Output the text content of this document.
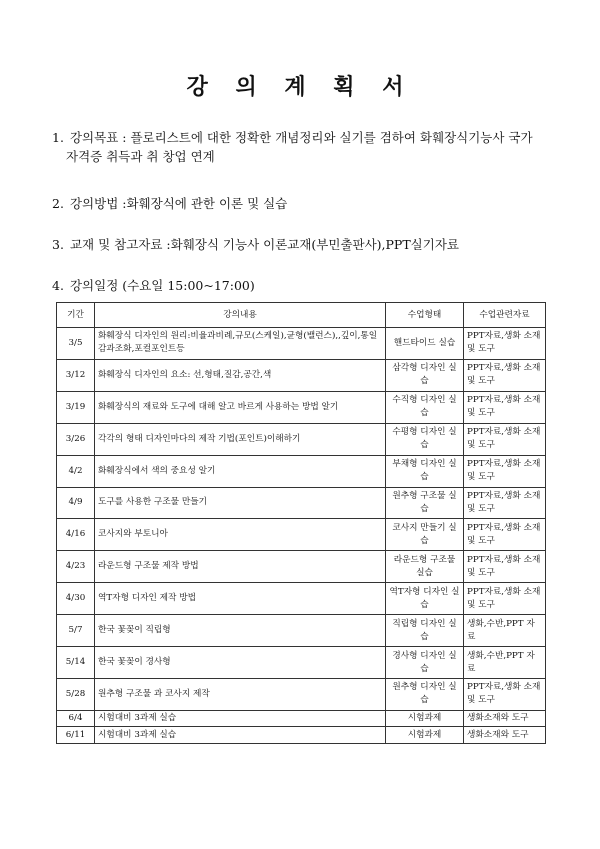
강 의 계 획 서
1. 강의목표 : 플로리스트에 대한 정확한 개념정리와 실기를 겸하여 화훼장식기능사 국가
자격증 취득과 취 창업 연계
2. 강의방법 :화훼장식에 관한 이론 및 실습
3. 교재 및 참고자료 :화훼장식 기능사 이론교재(부민출판사),PPT실기자료
4. 강의일정 (수요일 15:00~17:00)
기간	강의내용	수업형태	수업관련자료
3/5	화훼장식 디자인의 원리:비율과비례,규모(스케일),균형(밸런스),,깊이,통일감과조화,포컬포인트등	핸드타이드 실습	PPT자료,생화 소재 및 도구
3/12	화훼장식 디자인의 요소: 선,형태,질감,공간,색	삼각형 디자인 실습	PPT자료,생화 소재 및 도구
3/19	화훼장식의 재료와 도구에 대해 알고 바르게 사용하는 방법 알기	수직형 디자인 실습	PPT자료,생화 소재 및 도구
3/26	각각의 형태 디자인마다의 제작 기법(포인트)이해하기	수평형 디자인 실습	PPT자료,생화 소재 및 도구
4/2	화훼장식에서 색의 중요성 알기	부채형 디자인 실습	PPT자료,생화 소재 및 도구
4/9	도구를 사용한 구조물 만들기	원추형 구조물 실습	PPT자료,생화 소재 및 도구
4/16	코사지와 부토니아	코사지 만들기 실습	PPT자료,생화 소재 및 도구
4/23	라운드형 구조물 제작 방법	라운드형 구조물 실습	PPT자료,생화 소재 및 도구
4/30	역T자형 디자인 제작 방법	역T자형 디자인 실습	PPT자료,생화 소재 및 도구
5/7	한국 꽃꽂이 직립형	직립형 디자인 실습	생화,수반,PPT 자료
5/14	한국 꽃꽂이 경사형	경사형 디자인 실습	생화,수반,PPT 자료
5/28	원추형 구조물 과 코사지 제작	원추형 디자인 실습	PPT자료,생화 소재 및 도구
6/4	시험대비 3과제 실습	시험과제	생화소재와 도구
6/11	시험대비 3과제 실습	시험과제	생화소재와 도구
